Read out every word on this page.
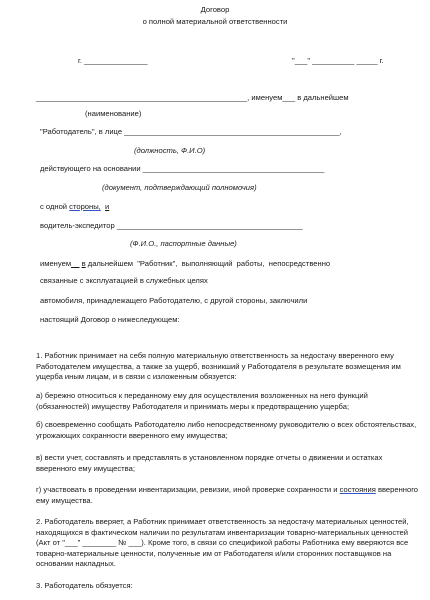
Договор
о полной материальной ответственности
г. _______________	"___" __________ _____ г.
__________________________________________________, именуем___ в дальнейшем
(наименование)
"Работодатель", в лице ___________________________________________________,
(должность, Ф.И.О)
действующего на основании ___________________________________________
(документ, подтверждающий полномочия)
с одной стороны, и
водитель-экспедитор ____________________________________________
(Ф.И.О., паспортные данные)
именуем__ в дальнейшем  "Работник",  выполняющий  работы,  непосредственно
связанные с эксплуатацией в служебных целях
автомобиля, принадлежащего Работодателю, с другой стороны, заключили
настоящий Договор о нижеследующем:
1. Работник принимает на себя полную материальную ответственность за недостачу вверенного ему Работодателем имущества, а также за ущерб, возникший у Работодателя в результате возмещения им ущерба иным лицам, и в связи с изложенным обязуется:
а) бережно относиться к переданному ему для осуществления возложенных на него функций (обязанностей) имуществу Работодателя и принимать меры к предотвращению ущерба;
б) своевременно сообщать Работодателю либо непосредственному руководителю о всех обстоятельствах, угрожающих сохранности вверенного ему имущества;
в) вести учет, составлять и представлять в установленном порядке отчеты о движении и остатках вверенного ему имущества;
г) участвовать в проведении инвентаризации, ревизии, иной проверке сохранности и состояния вверенного ему имущества.
2. Работодатель вверяет, а Работник принимает ответственность за недостачу материальных ценностей, находящихся в фактическом наличии по результатам инвентаризации товарно-материальных ценностей (Акт от "___" ________ № ___). Кроме того, в связи со спецификой работы Работника ему вверяются все товарно-материальные ценности, полученные им от Работодателя и/или сторонних поставщиков на основании накладных.
3. Работодатель обязуется:
